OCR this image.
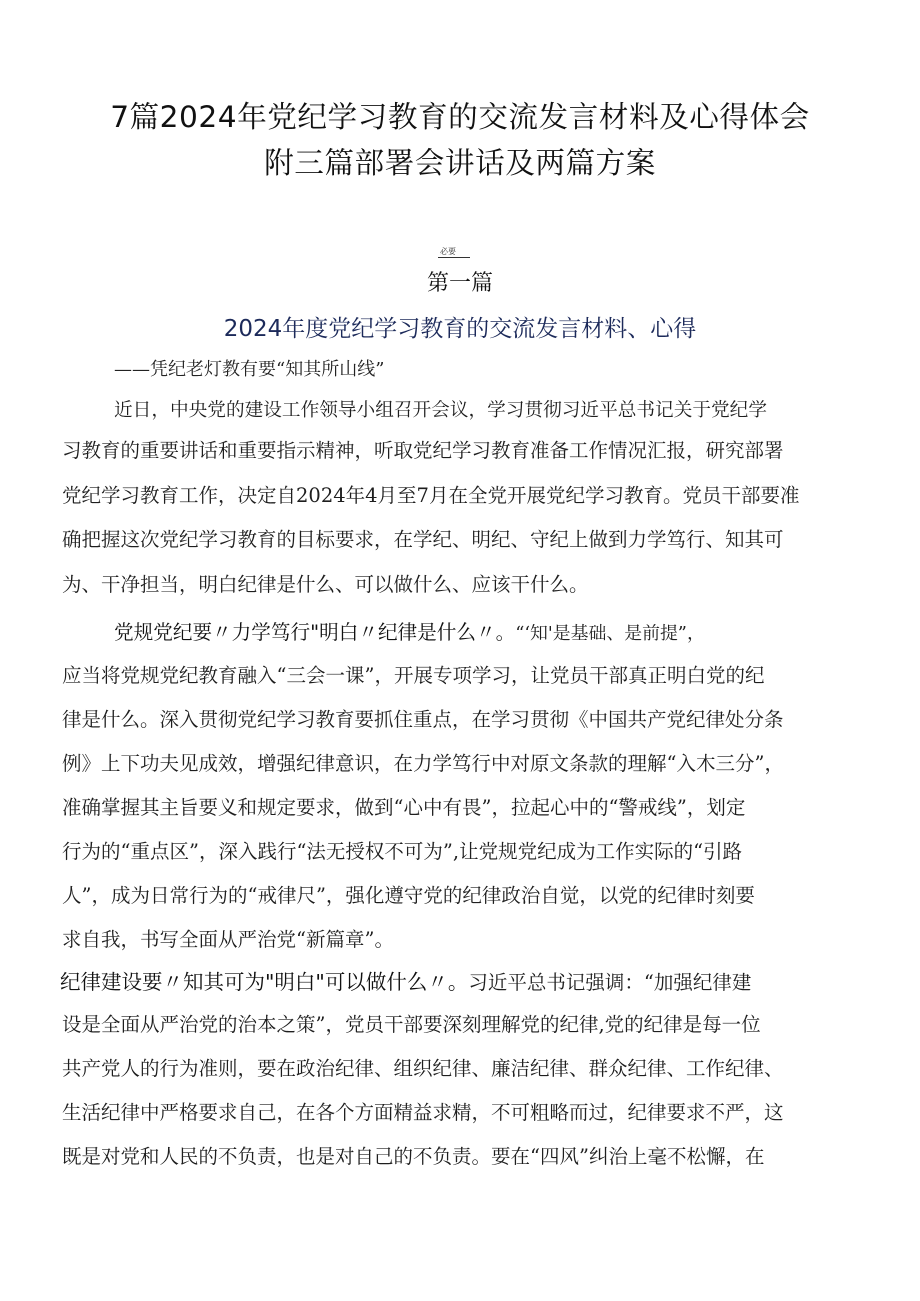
7篇2024年党纪学习教育的交流发言材料及心得体会
附三篇部署会讲话及两篇方案
必要
第一篇
2024年度党纪学习教育的交流发言材料、心得
——凭纪老灯教有要“知其所山线”
近日，中央党的建设工作领导小组召开会议，学习贯彻习近平总书记关于党纪学
习教育的重要讲话和重要指示精神，听取党纪学习教育准备工作情况汇报，研究部署
党纪学习教育工作，决定自2024年4月至7月在全党开展党纪学习教育。党员干部要准
确把握这次党纪学习教育的目标要求，在学纪、明纪、守纪上做到力学笃行、知其可
为、干净担当，明白纪律是什么、可以做什么、应该干什么。
党规党纪要〃力学笃行"明白〃纪律是什么〃。“‘知'是基础、是前提”，
应当将党规党纪教育融入“三会一课”，开展专项学习，让党员干部真正明白党的纪
律是什么。深入贯彻党纪学习教育要抓住重点，在学习贯彻《中国共产党纪律处分条
例》上下功夫见成效，增强纪律意识，在力学笃行中对原文条款的理解“入木三分”，
准确掌握其主旨要义和规定要求，做到“心中有畏”，拉起心中的“警戒线”，划定
行为的“重点区”，深入践行“法无授权不可为”,让党规党纪成为工作实际的“引路
人”，成为日常行为的“戒律尺”，强化遵守党的纪律政治自觉，以党的纪律时刻要
求自我，书写全面从严治党“新篇章”。
纪律建设要〃知其可为"明白"可以做什么〃。习近平总书记强调：“加强纪律建
设是全面从严治党的治本之策”，党员干部要深刻理解党的纪律,党的纪律是每一位
共产党人的行为准则，要在政治纪律、组织纪律、廉洁纪律、群众纪律、工作纪律、
生活纪律中严格要求自己，在各个方面精益求精，不可粗略而过，纪律要求不严，这
既是对党和人民的不负责，也是对自己的不负责。要在“四风”纠治上毫不松懈，在
